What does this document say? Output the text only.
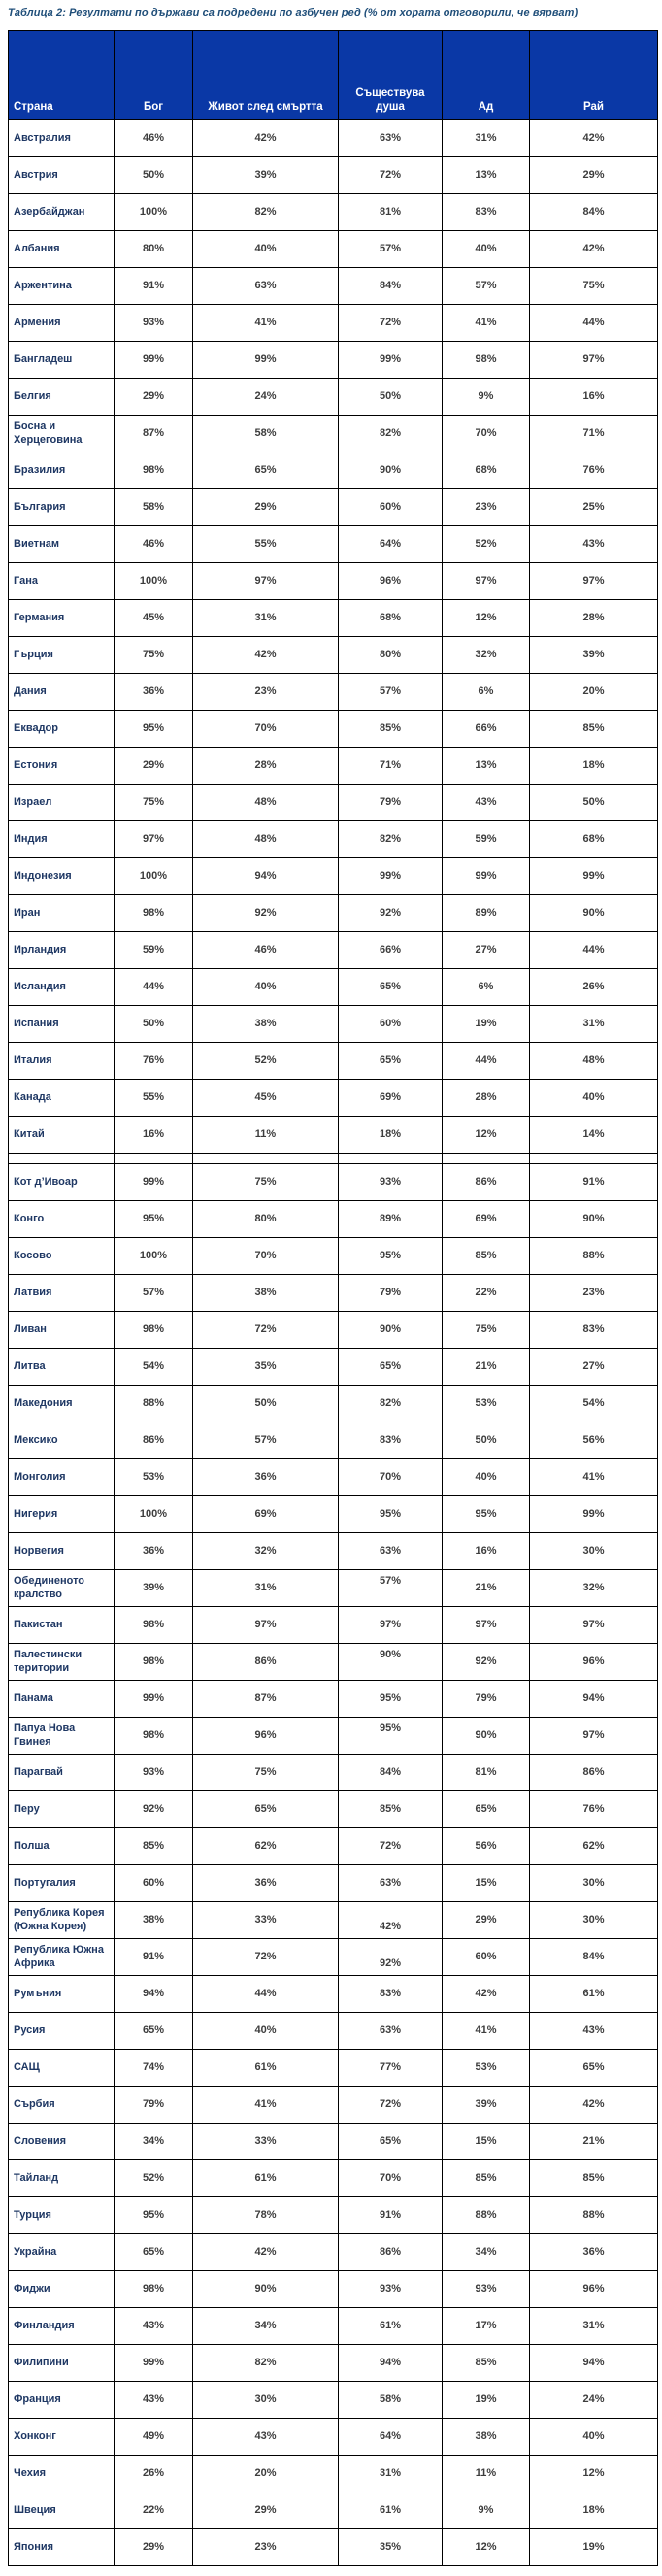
Таблица 2: Резултати по държави са подредени по азбучен ред (% от хората отговорили, че вярват)

Страна	Бог	Живот след смъртта	Съществува душа	Ад	Рай
Австралия	46%	42%	63%	31%	42%
Австрия	50%	39%	72%	13%	29%
Азербайджан	100%	82%	81%	83%	84%
Албания	80%	40%	57%	40%	42%
Аржентина	91%	63%	84%	57%	75%
Армения	93%	41%	72%	41%	44%
Бангладеш	99%	99%	99%	98%	97%
Белгия	29%	24%	50%	9%	16%
Босна и Херцеговина	87%	58%	82%	70%	71%
Бразилия	98%	65%	90%	68%	76%
България	58%	29%	60%	23%	25%
Виетнам	46%	55%	64%	52%	43%
Гана	100%	97%	96%	97%	97%
Германия	45%	31%	68%	12%	28%
Гърция	75%	42%	80%	32%	39%
Дания	36%	23%	57%	6%	20%
Еквадор	95%	70%	85%	66%	85%
Естония	29%	28%	71%	13%	18%
Израел	75%	48%	79%	43%	50%
Индия	97%	48%	82%	59%	68%
Индонезия	100%	94%	99%	99%	99%
Иран	98%	92%	92%	89%	90%
Ирландия	59%	46%	66%	27%	44%
Исландия	44%	40%	65%	6%	26%
Испания	50%	38%	60%	19%	31%
Италия	76%	52%	65%	44%	48%
Канада	55%	45%	69%	28%	40%
Китай	16%	11%	18%	12%	14%

Кот д’Ивоар	99%	75%	93%	86%	91%
Конго	95%	80%	89%	69%	90%
Косово	100%	70%	95%	85%	88%
Латвия	57%	38%	79%	22%	23%
Ливан	98%	72%	90%	75%	83%
Литва	54%	35%	65%	21%	27%
Македония	88%	50%	82%	53%	54%
Мексико	86%	57%	83%	50%	56%
Монголия	53%	36%	70%	40%	41%
Нигерия	100%	69%	95%	95%	99%
Норвегия	36%	32%	63%	16%	30%
Обединеното кралство	39%	31%	57%	21%	32%
Пакистан	98%	97%	97%	97%	97%
Палестински територии	98%	86%	90%	92%	96%
Панама	99%	87%	95%	79%	94%
Папуа Нова Гвинея	98%	96%	95%	90%	97%
Парагвай	93%	75%	84%	81%	86%
Перу	92%	65%	85%	65%	76%
Полша	85%	62%	72%	56%	62%
Португалия	60%	36%	63%	15%	30%
Република Корея (Южна Корея)	38%	33%	42%	29%	30%
Република Южна Африка	91%	72%	92%	60%	84%
Румъния	94%	44%	83%	42%	61%
Русия	65%	40%	63%	41%	43%
САЩ	74%	61%	77%	53%	65%
Сърбия	79%	41%	72%	39%	42%
Словения	34%	33%	65%	15%	21%
Тайланд	52%	61%	70%	85%	85%
Турция	95%	78%	91%	88%	88%
Украйна	65%	42%	86%	34%	36%
Фиджи	98%	90%	93%	93%	96%
Финландия	43%	34%	61%	17%	31%
Филипини	99%	82%	94%	85%	94%
Франция	43%	30%	58%	19%	24%
Хонконг	49%	43%	64%	38%	40%
Чехия	26%	20%	31%	11%	12%
Швеция	22%	29%	61%	9%	18%
Япония	29%	23%	35%	12%	19%
